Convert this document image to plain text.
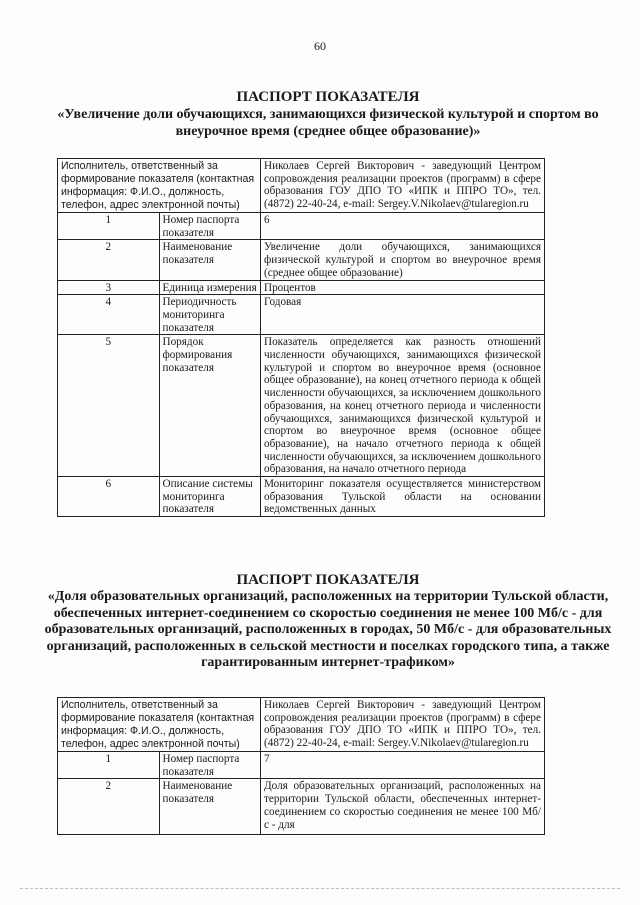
60
ПАСПОРТ ПОКАЗАТЕЛЯ
«Увеличение доли обучающихся, занимающихся физической культурой и спортом во внеурочное время (среднее общее образование)»
Исполнитель, ответственный за формирование показателя (контактная информация: Ф.И.О., должность, телефон, адрес электронной почты)		Николаев Сергей Викторович - заведующий Центром сопровождения реализации проектов (программ) в сфере образования ГОУ ДПО ТО «ИПК и ППРО ТО», тел. (4872) 22-40-24, e-mail: Sergey.V.Nikolaev@tularegion.ru
1	Номер паспорта показателя	6
2	Наименование показателя	Увеличение доли обучающихся, занимающихся физической культурой и спортом во внеурочное время (среднее общее образование)
3	Единица измерения	Процентов
4	Периодичность мониторинга показателя	Годовая
5	Порядок формирования показателя	Показатель определяется как разность отношений численности обучающихся, занимающихся физической культурой и спортом во внеурочное время (основное общее образование), на конец отчетного периода к общей численности обучающихся, за исключением дошкольного образования, на конец отчетного периода и численности обучающихся, занимающихся физической культурой и спортом во внеурочное время (основное общее образование), на начало отчетного периода к общей численности обучающихся, за исключением дошкольного образования, на начало отчетного периода
6	Описание системы мониторинга показателя	Мониторинг показателя осуществляется министерством образования Тульской области на основании ведомственных данных
ПАСПОРТ ПОКАЗАТЕЛЯ
«Доля образовательных организаций, расположенных на территории Тульской области, обеспеченных интернет-соединением со скоростью соединения не менее 100 Мб/с - для образовательных организаций, расположенных в городах, 50 Мб/с - для образовательных организаций, расположенных в сельской местности и поселках городского типа, а также гарантированным интернет-трафиком»
Исполнитель, ответственный за формирование показателя (контактная информация: Ф.И.О., должность, телефон, адрес электронной почты)		Николаев Сергей Викторович - заведующий Центром сопровождения реализации проектов (программ) в сфере образования ГОУ ДПО ТО «ИПК и ППРО ТО», тел. (4872) 22-40-24, e-mail: Sergey.V.Nikolaev@tularegion.ru
1	Номер паспорта показателя	7
2	Наименование показателя	Доля образовательных организаций, расположенных на территории Тульской области, обеспеченных интернет-соединением со скоростью соединения не менее 100 Мб/с - для
